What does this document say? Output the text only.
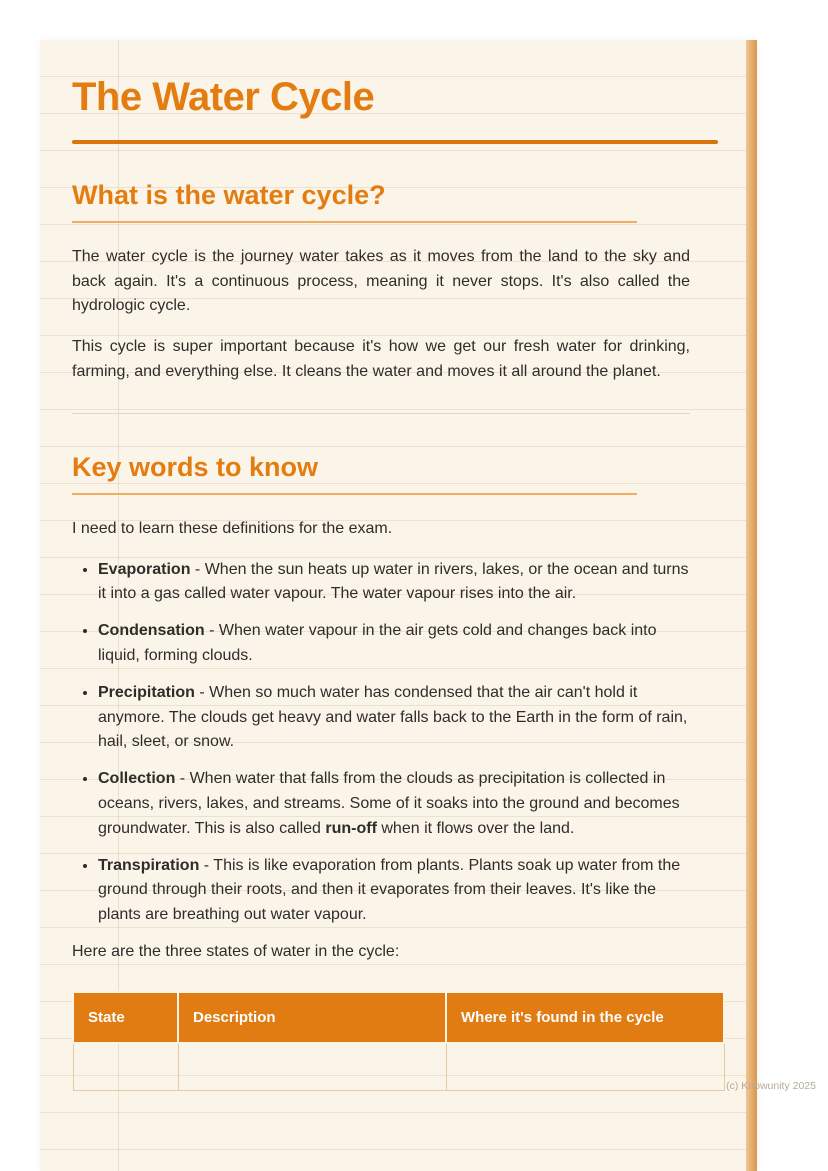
The Water Cycle
What is the water cycle?

The water cycle is the journey water takes as it moves from the land to the sky and back again. It's a continuous process, meaning it never stops. It's also called the hydrologic cycle.

This cycle is super important because it's how we get our fresh water for drinking, farming, and everything else. It cleans the water and moves it all around the planet.

Key words to know

I need to learn these definitions for the exam.

• Evaporation - When the sun heats up water in rivers, lakes, or the ocean and turns it into a gas called water vapour. The water vapour rises into the air.
• Condensation - When water vapour in the air gets cold and changes back into liquid, forming clouds.
• Precipitation - When so much water has condensed that the air can't hold it anymore. The clouds get heavy and water falls back to the Earth in the form of rain, hail, sleet, or snow.
• Collection - When water that falls from the clouds as precipitation is collected in oceans, rivers, lakes, and streams. Some of it soaks into the ground and becomes groundwater. This is also called run-off when it flows over the land.
• Transpiration - This is like evaporation from plants. Plants soak up water from the ground through their roots, and then it evaporates from their leaves. It's like the plants are breathing out water vapour.

Here are the three states of water in the cycle:

State	Description	Where it's found in the cycle

(c) Knowunity 2025
